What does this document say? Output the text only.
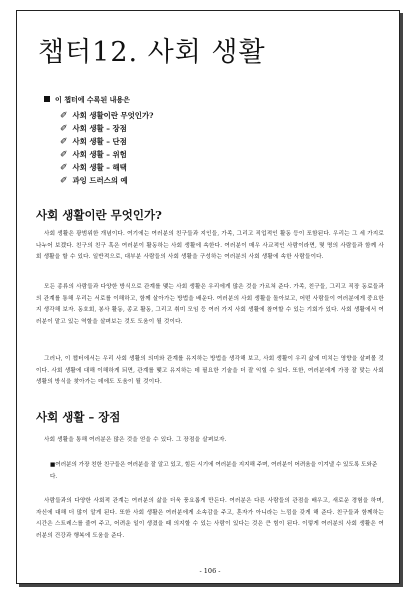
챕터12. 사회 생활
이 챕터에 수록된 내용은
✐ 사회 생활이란 무엇인가?
✐ 사회 생활 – 장점
✐ 사회 생활 – 단점
✐ 사회 생활 – 위험
✐ 사회 생활 – 해택
✐ 과잉 드러스의 예
사회 생활이란 무엇인가?

사회 생활은 광범위한 개념이다. 여기에는 여러분의 친구들과 지인들, 가족, 그리고 직업적인 활동 등이 포함된다. 우리는 그 세 가지로 나누어 보겠다. 친구의 친구 혹은 여러분이 활동하는 사회 생활에 속한다. 여러분이 매우 사교적인 사람이라면, 몇 명의 사람들과 함께 사회 생활을 할 수 있다. 일반적으로, 대부분 사람들의 사회 생활을 구성하는 여러분의 사회 생활에 속한 사람들이다.

모든 종류의 사람들과 다양한 방식으로 관계를 맺는 사회 생활은 우리에게 많은 것을 가르쳐 준다. 가족, 친구들, 그리고 직장 동료들과의 관계를 통해 우리는 서로를 이해하고, 함께 살아가는 방법을 배운다. 여러분의 사회 생활을 돌아보고, 어떤 사람들이 여러분에게 중요한지 생각해 보자. 동호회, 봉사 활동, 종교 활동, 그리고 취미 모임 등 여러 가지 사회 생활에 참여할 수 있는 기회가 있다. 사회 생활에서 여러분이 맡고 있는 역할을 살펴보는 것도 도움이 될 것이다.

그러나, 이 챕터에서는 우리 사회 생활의 의미와 관계를 유지하는 방법을 생각해 보고, 사회 생활이 우리 삶에 미치는 영향을 살펴볼 것이다. 사회 생활에 대해 이해하게 되면, 관계를 맺고 유지하는 데 필요한 기술을 더 잘 익힐 수 있다. 또한, 여러분에게 가장 잘 맞는 사회 생활의 방식을 찾아가는 데에도 도움이 될 것이다.

사회 생활 – 장점

사회 생활을 통해 여러분은 많은 것을 얻을 수 있다. 그 장점을 살펴보자.

■여러분의 가장 친한 친구들은 여러분을 잘 알고 있고, 힘든 시기에 여러분을 지지해 주며, 여러분이 어려움을 이겨낼 수 있도록 도와준다.

사람들과의 다양한 사회적 관계는 여러분의 삶을 더욱 풍요롭게 만든다. 여러분은 다른 사람들의 관점을 배우고, 새로운 경험을 하며, 자신에 대해 더 많이 알게 된다. 또한 사회 생활은 여러분에게 소속감을 주고, 혼자가 아니라는 느낌을 갖게 해 준다. 친구들과 함께하는 시간은 스트레스를 줄여 주고, 어려운 일이 생겼을 때 의지할 수 있는 사람이 있다는 것은 큰 힘이 된다. 이렇게 여러분의 사회 생활은 여러분의 건강과 행복에 도움을 준다.

- 106 -
